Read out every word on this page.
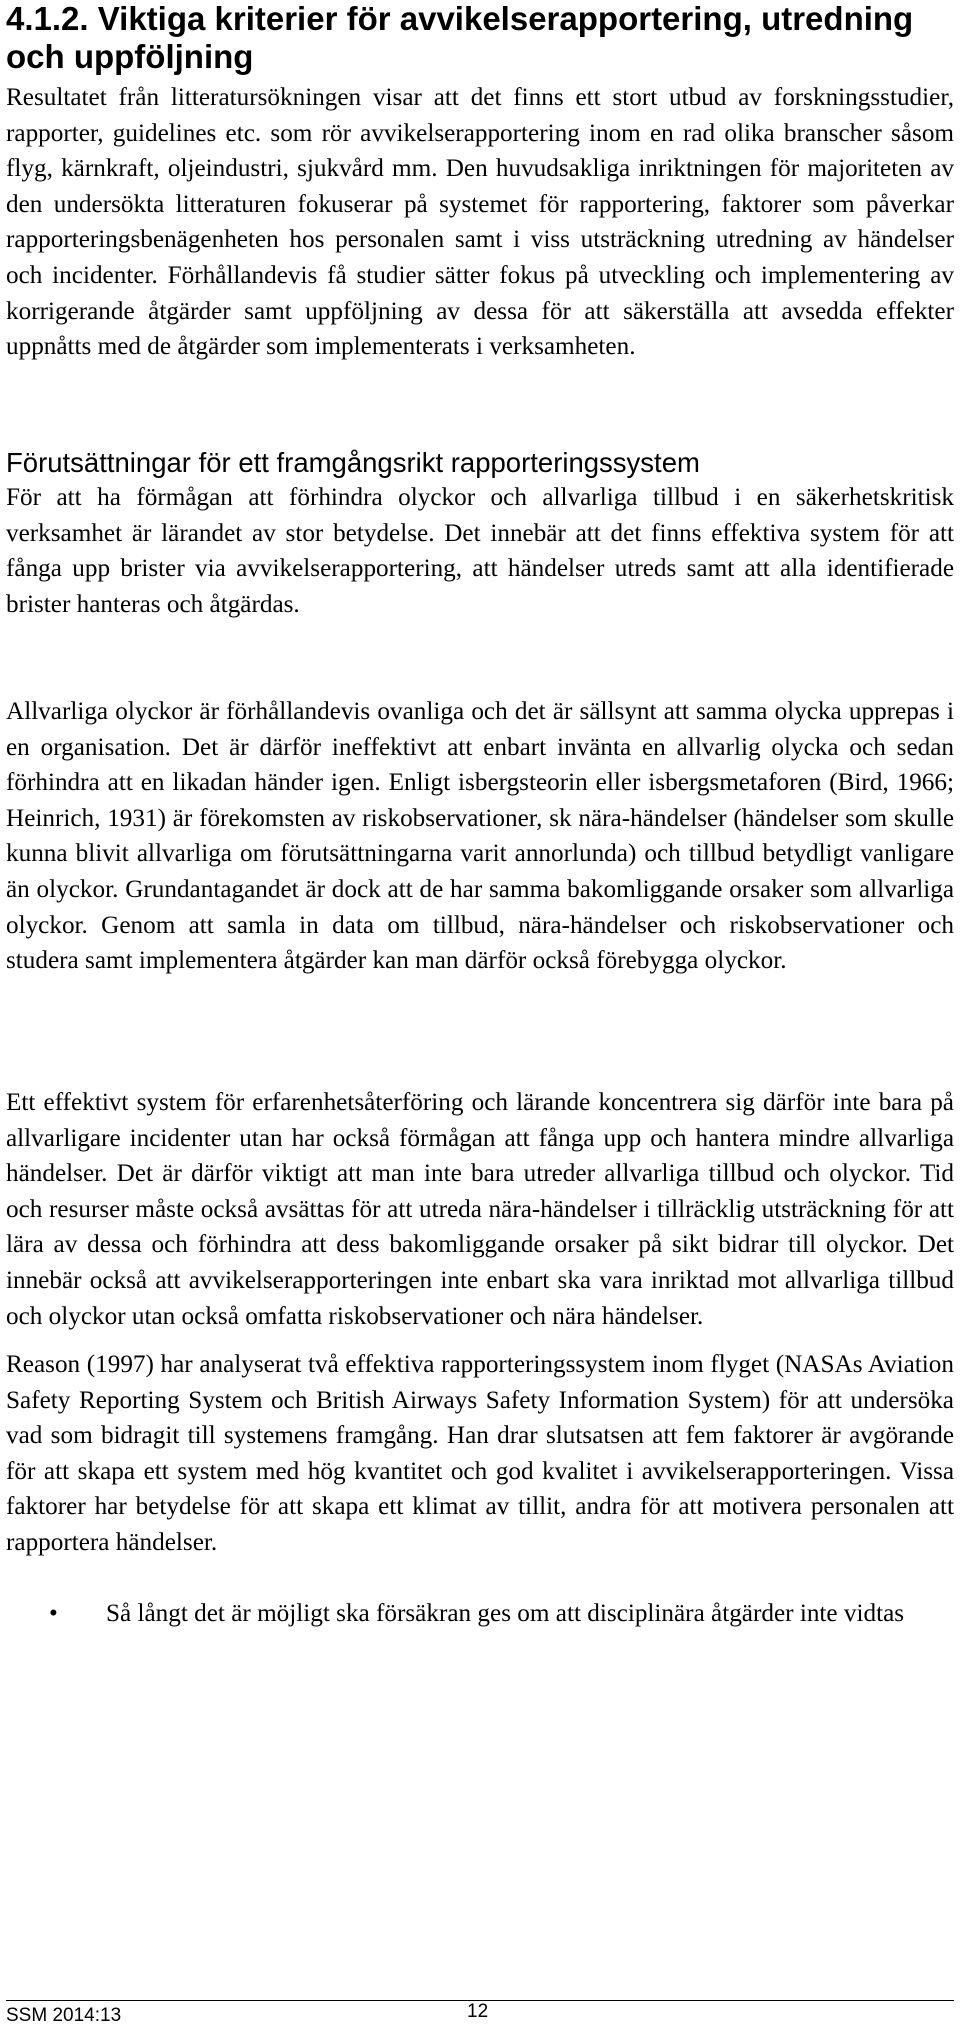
4.1.2. Viktiga kriterier för avvikelserapportering, utredning och uppföljning

Resultatet från litteratursökningen visar att det finns ett stort utbud av forskningsstudier, rapporter, guidelines etc. som rör avvikelserapportering inom en rad olika branscher såsom flyg, kärnkraft, oljeindustri, sjukvård mm. Den huvudsakliga inriktningen för majoriteten av den undersökta litteraturen fokuserar på systemet för rapportering, faktorer som påverkar rapporteringsbenägenheten hos personalen samt i viss utsträckning utredning av händelser och incidenter. Förhållandevis få studier sätter fokus på utveckling och implementering av korrigerande åtgärder samt uppföljning av dessa för att säkerställa att avsedda effekter uppnåtts med de åtgärder som implementerats i verksamheten.

Förutsättningar för ett framgångsrikt rapporteringssystem

För att ha förmågan att förhindra olyckor och allvarliga tillbud i en säkerhetskritisk verksamhet är lärandet av stor betydelse. Det innebär att det finns effektiva system för att fånga upp brister via avvikelserapportering, att händelser utreds samt att alla identifierade brister hanteras och åtgärdas.

Allvarliga olyckor är förhållandevis ovanliga och det är sällsynt att samma olycka upprepas i en organisation. Det är därför ineffektivt att enbart invänta en allvarlig olycka och sedan förhindra att en likadan händer igen. Enligt isbergsteorin eller isbergsmetaforen (Bird, 1966; Heinrich, 1931) är förekomsten av riskobservationer, sk nära-händelser (händelser som skulle kunna blivit allvarliga om förutsättningarna varit annorlunda) och tillbud betydligt vanligare än olyckor. Grundantagandet är dock att de har samma bakomliggande orsaker som allvarliga olyckor. Genom att samla in data om tillbud, nära-händelser och riskobservationer och studera samt implementera åtgärder kan man därför också förebygga olyckor.

Ett effektivt system för erfarenhetsåterföring och lärande koncentrera sig därför inte bara på allvarligare incidenter utan har också förmågan att fånga upp och hantera mindre allvarliga händelser. Det är därför viktigt att man inte bara utreder allvarliga tillbud och olyckor. Tid och resurser måste också avsättas för att utreda nära-händelser i tillräcklig utsträckning för att lära av dessa och förhindra att dess bakomliggande orsaker på sikt bidrar till olyckor. Det innebär också att avvikelserapporteringen inte enbart ska vara inriktad mot allvarliga tillbud och olyckor utan också omfatta riskobservationer och nära händelser.

Reason (1997) har analyserat två effektiva rapporteringssystem inom flyget (NASAs Aviation Safety Reporting System och British Airways Safety Information System) för att undersöka vad som bidragit till systemens framgång. Han drar slutsatsen att fem faktorer är avgörande för att skapa ett system med hög kvantitet och god kvalitet i avvikelserapporteringen. Vissa faktorer har betydelse för att skapa ett klimat av tillit, andra för att motivera personalen att rapportera händelser.

• Så långt det är möjligt ska försäkran ges om att disciplinära åtgärder inte vidtas
SSM 2014:13	12
